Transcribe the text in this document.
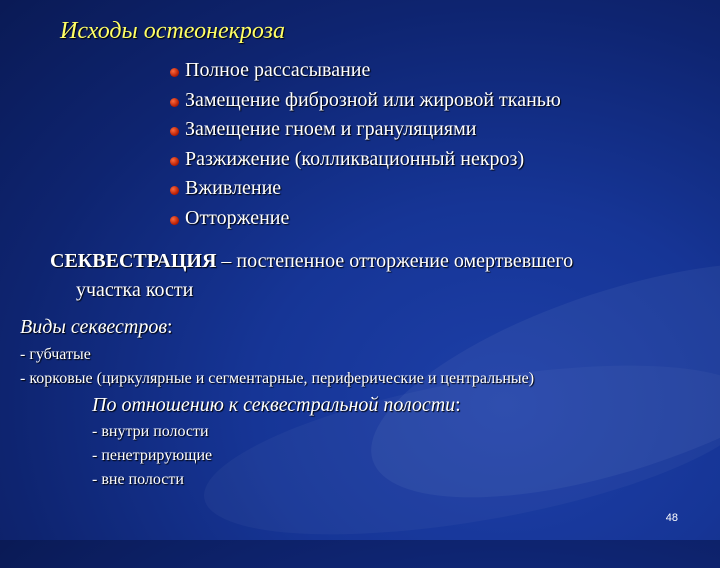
Исходы остеонекроза
Полное рассасывание
Замещение фиброзной или жировой тканью
Замещение гноем и грануляциями
Разжижение (колликвационный некроз)
Вживление
Отторжение
СЕКВЕСТРАЦИЯ – постепенное отторжение омертвевшего
участка кости
Виды секвестров:
- губчатые
- корковые (циркулярные и сегментарные, периферические и центральные)
По отношению к секвестральной полости:
- внутри полости
- пенетрирующие
- вне полости
48
